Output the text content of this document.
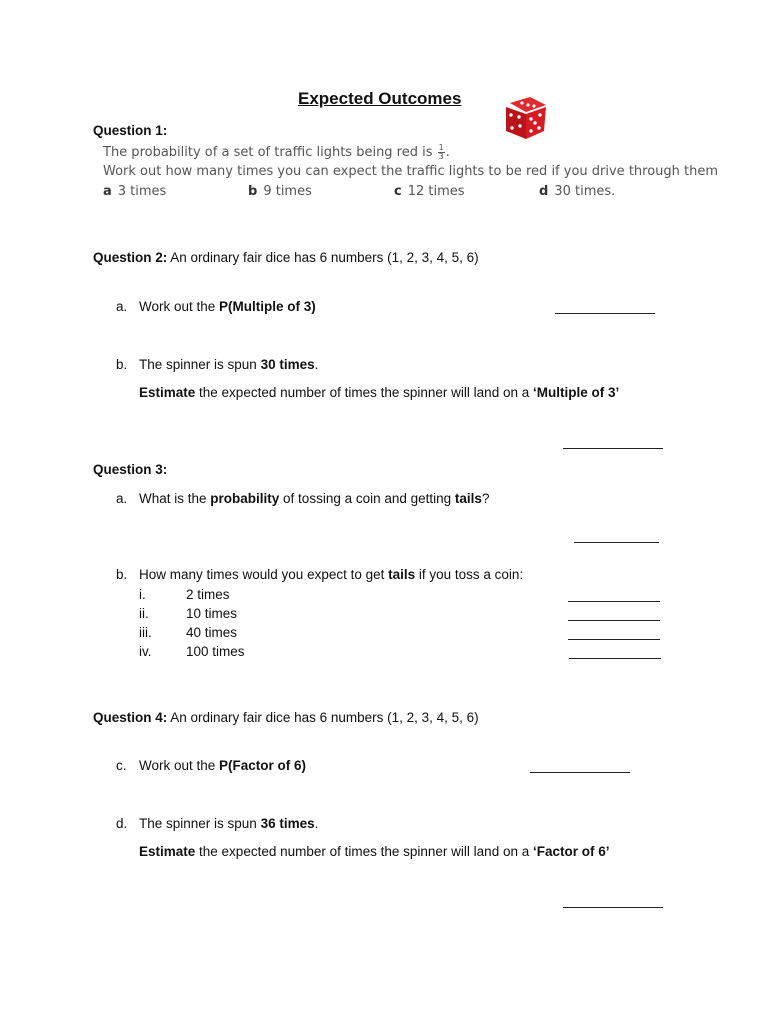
Expected Outcomes
Question 1:
The probability of a set of traffic lights being red is $\frac{1}{3}$ .
Work out how many times you can expect the traffic lights to be red if you drive through them
a 3 times	b 9 times	c 12 times	d 30 times.
Question 2: An ordinary fair dice has 6 numbers (1, 2, 3, 4, 5, 6)
a. Work out the P(Multiple of 3)
b. The spinner is spun 30 times.
Estimate the expected number of times the spinner will land on a ‘Multiple of 3’
Question 3:
a. What is the probability of tossing a coin and getting tails?
b. How many times would you expect to get tails if you toss a coin:
i.	2 times
ii.	10 times
iii.	40 times
iv.	100 times
Question 4: An ordinary fair dice has 6 numbers (1, 2, 3, 4, 5, 6)
c. Work out the P(Factor of 6)
d. The spinner is spun 36 times.
Estimate the expected number of times the spinner will land on a ‘Factor of 6’
